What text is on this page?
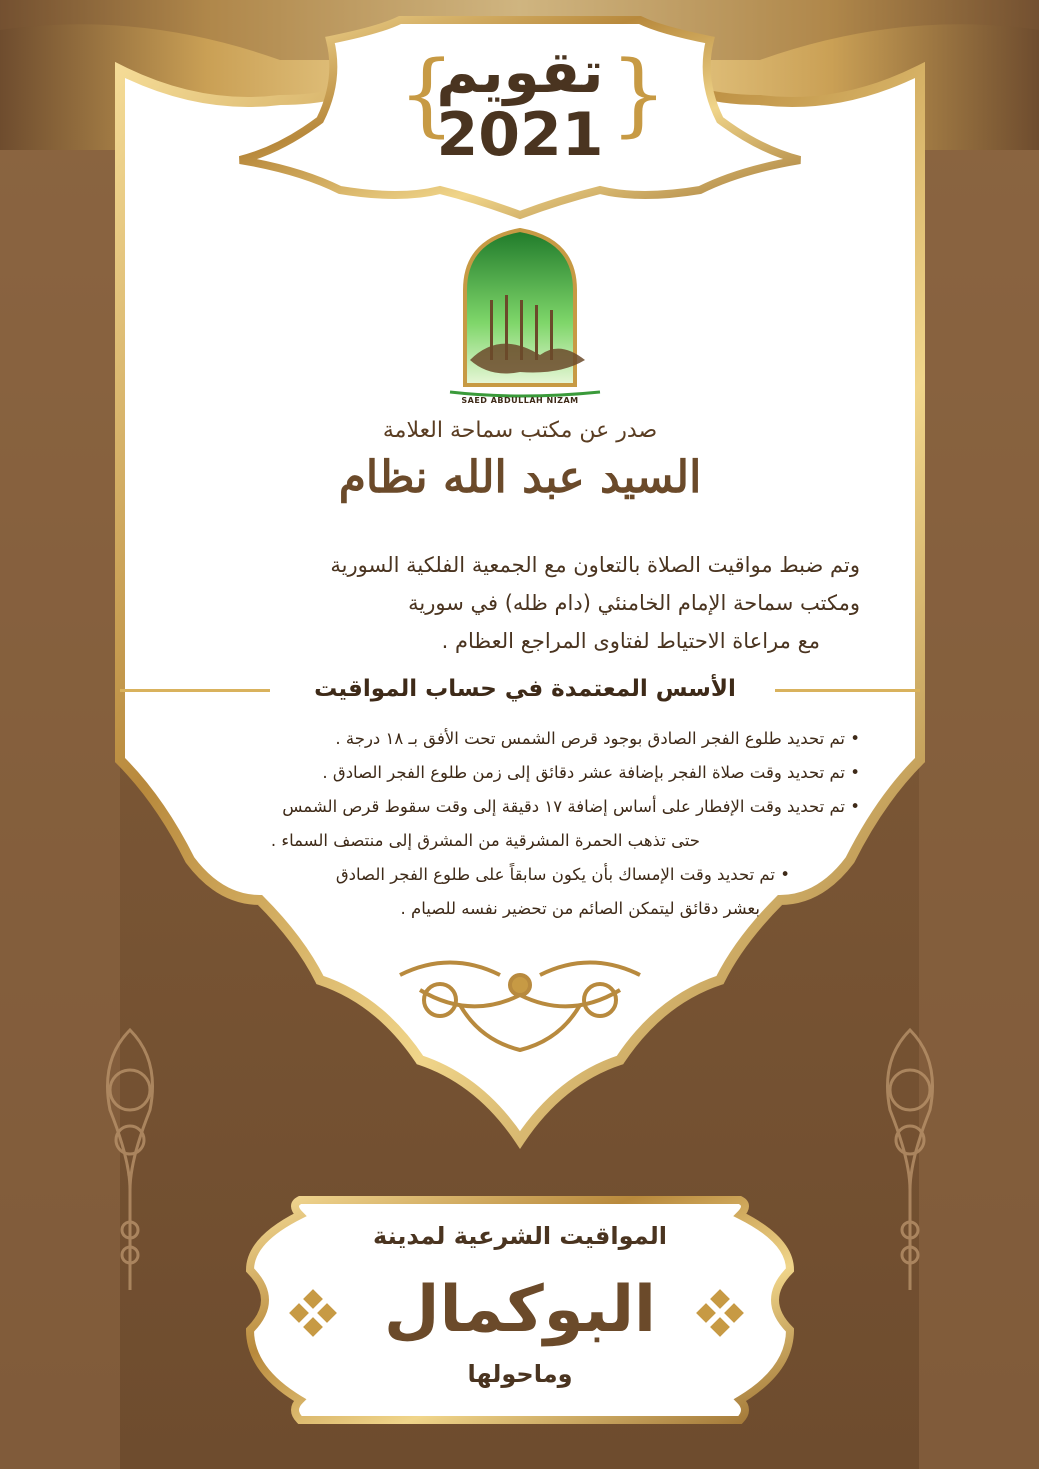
{ }
تقويم
2021
SAED ABDULLAH NIZAM
صدر عن مكتب سماحة العلامة
السيد عبد الله نظام
وتم ضبط مواقيت الصلاة بالتعاون مع الجمعية الفلكية السورية
ومكتب سماحة الإمام الخامنئي (دام ظله) في سورية
مع مراعاة الاحتياط لفتاوى المراجع العظام .
الأسس المعتمدة في حساب المواقيت
• تم تحديد طلوع الفجر الصادق بوجود قرص الشمس تحت الأفق بـ ١٨ درجة .
• تم تحديد وقت صلاة الفجر بإضافة عشر دقائق إلى زمن طلوع الفجر الصادق .
• تم تحديد وقت الإفطار على أساس إضافة ١٧ دقيقة إلى وقت سقوط قرص الشمس
حتى تذهب الحمرة المشرقية من المشرق إلى منتصف السماء .
• تم تحديد وقت الإمساك بأن يكون سابقاً على طلوع الفجر الصادق
بعشر دقائق ليتمكن الصائم من تحضير نفسه للصيام .
المواقيت الشرعية لمدينة
البوكمال
وماحولها
